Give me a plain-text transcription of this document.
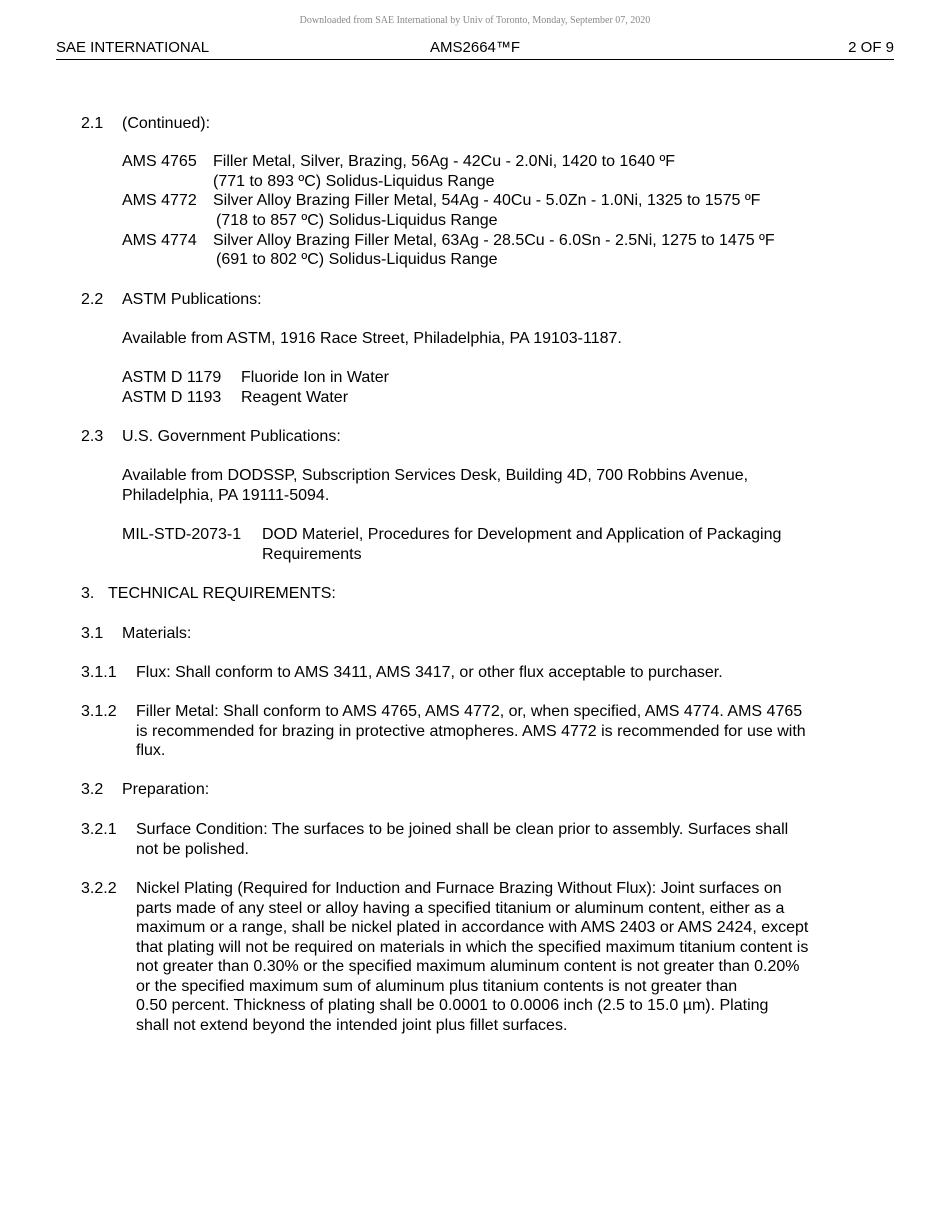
Downloaded from SAE International by Univ of Toronto, Monday, September 07, 2020
SAE INTERNATIONAL	AMS2664™F	2 OF 9
2.1 (Continued):
AMS 4765 Filler Metal, Silver, Brazing, 56Ag - 42Cu - 2.0Ni, 1420 to 1640 ºF
(771 to 893 ºC) Solidus-Liquidus Range
AMS 4772 Silver Alloy Brazing Filler Metal, 54Ag - 40Cu - 5.0Zn - 1.0Ni, 1325 to 1575 ºF
(718 to 857 ºC) Solidus-Liquidus Range
AMS 4774 Silver Alloy Brazing Filler Metal, 63Ag - 28.5Cu - 6.0Sn - 2.5Ni, 1275 to 1475 ºF
(691 to 802 ºC) Solidus-Liquidus Range
2.2 ASTM Publications:
Available from ASTM, 1916 Race Street, Philadelphia, PA 19103-1187.
ASTM D 1179 Fluoride Ion in Water
ASTM D 1193 Reagent Water
2.3 U.S. Government Publications:
Available from DODSSP, Subscription Services Desk, Building 4D, 700 Robbins Avenue,
Philadelphia, PA 19111-5094.
MIL-STD-2073-1 DOD Materiel, Procedures for Development and Application of Packaging
Requirements
3. TECHNICAL REQUIREMENTS:
3.1 Materials:
3.1.1 Flux: Shall conform to AMS 3411, AMS 3417, or other flux acceptable to purchaser.
3.1.2 Filler Metal: Shall conform to AMS 4765, AMS 4772, or, when specified, AMS 4774. AMS 4765
is recommended for brazing in protective atmopheres. AMS 4772 is recommended for use with
flux.
3.2 Preparation:
3.2.1 Surface Condition: The surfaces to be joined shall be clean prior to assembly. Surfaces shall
not be polished.
3.2.2 Nickel Plating (Required for Induction and Furnace Brazing Without Flux): Joint surfaces on
parts made of any steel or alloy having a specified titanium or aluminum content, either as a
maximum or a range, shall be nickel plated in accordance with AMS 2403 or AMS 2424, except
that plating will not be required on materials in which the specified maximum titanium content is
not greater than 0.30% or the specified maximum aluminum content is not greater than 0.20%
or the specified maximum sum of aluminum plus titanium contents is not greater than
0.50 percent. Thickness of plating shall be 0.0001 to 0.0006 inch (2.5 to 15.0 µm). Plating
shall not extend beyond the intended joint plus fillet surfaces.
